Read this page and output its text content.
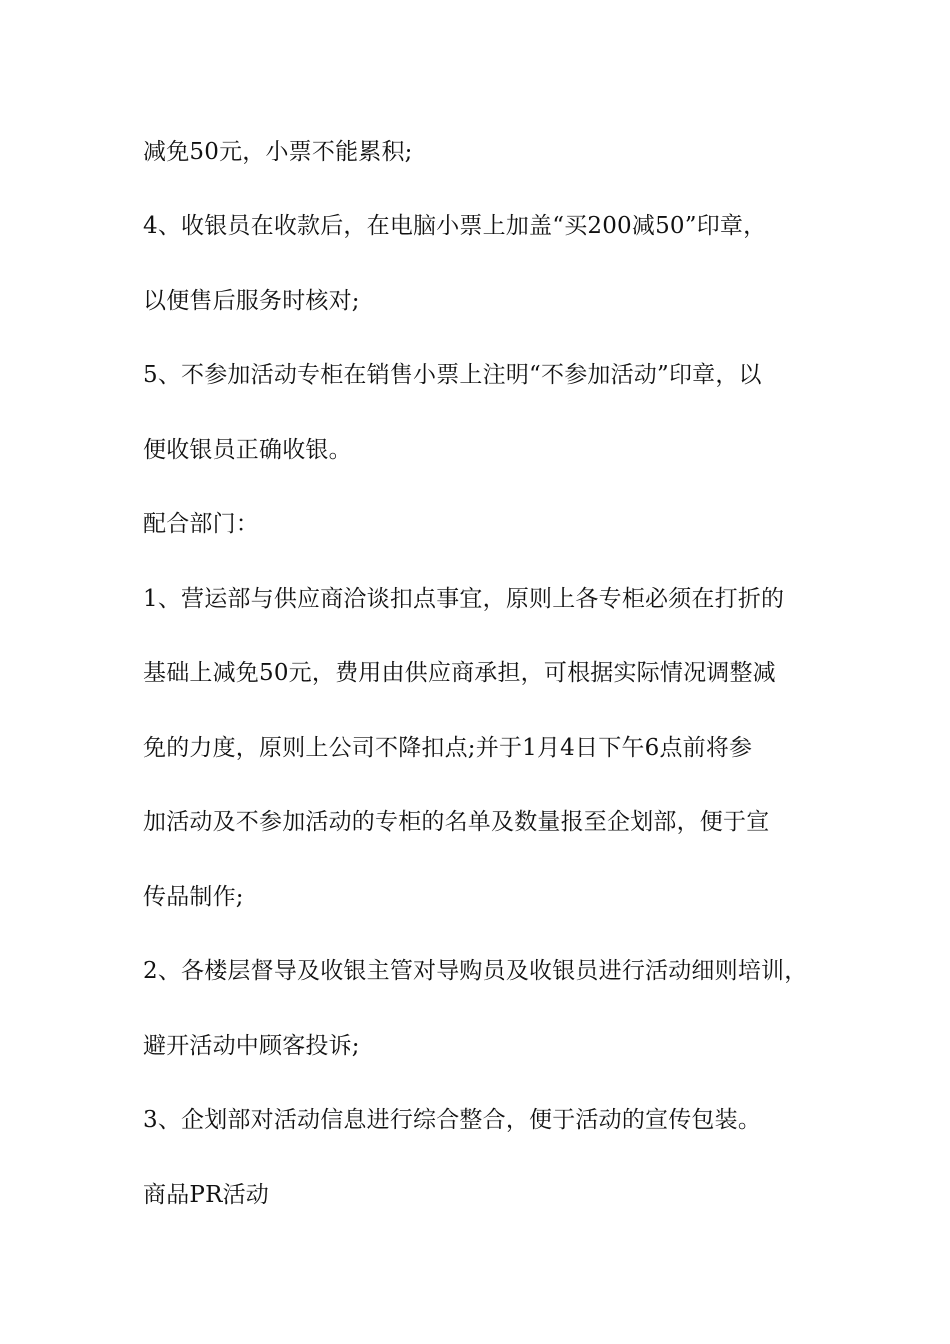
减免50元，小票不能累积;

4、收银员在收款后，在电脑小票上加盖“买200减50”印章，

以便售后服务时核对;

5、不参加活动专柜在销售小票上注明“不参加活动”印章，以

便收银员正确收银。

配合部门：

1、营运部与供应商洽谈扣点事宜，原则上各专柜必须在打折的

基础上减免50元，费用由供应商承担，可根据实际情况调整减

免的力度，原则上公司不降扣点;并于1月4日下午6点前将参

加活动及不参加活动的专柜的名单及数量报至企划部，便于宣

传品制作;

2、各楼层督导及收银主管对导购员及收银员进行活动细则培训，

避开活动中顾客投诉;

3、企划部对活动信息进行综合整合，便于活动的宣传包装。

商品PR活动
